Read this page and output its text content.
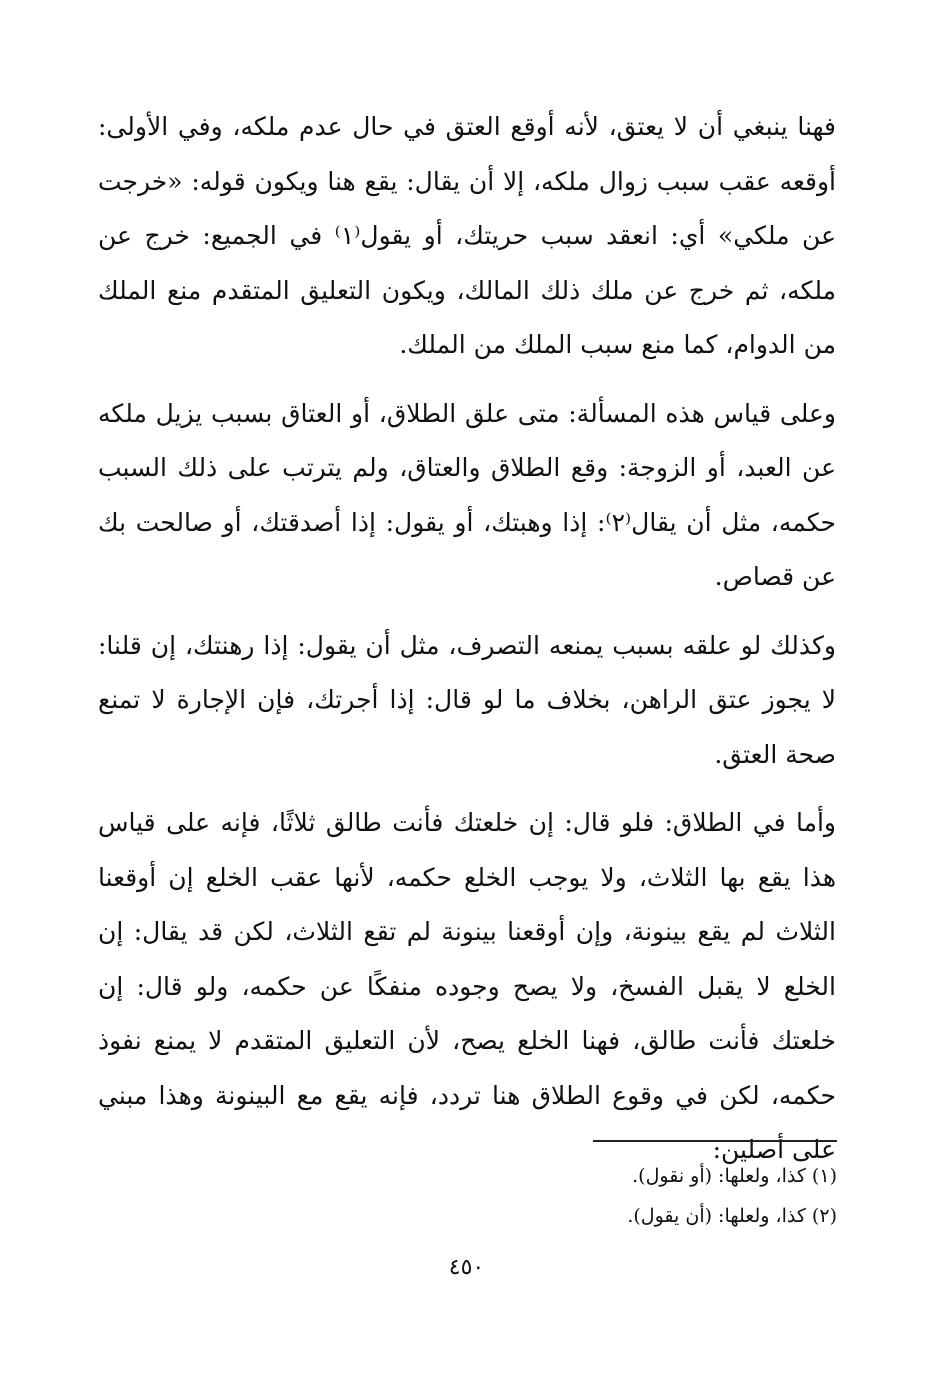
فهنا ينبغي أن لا يعتق، لأنه أوقع العتق في حال عدم ملكه، وفي الأولى: أوقعه عقب سبب زوال ملكه، إلا أن يقال: يقع هنا ويكون قوله: «خرجت عن ملكي» أي: انعقد سبب حريتك، أو يقول⁽١⁾ في الجميع: خرج عن ملكه، ثم خرج عن ملك ذلك المالك، ويكون التعليق المتقدم منع الملك من الدوام، كما منع سبب الملك من الملك.

وعلى قياس هذه المسألة: متى علق الطلاق، أو العتاق بسبب يزيل ملكه عن العبد، أو الزوجة: وقع الطلاق والعتاق، ولم يترتب على ذلك السبب حكمه، مثل أن يقال⁽٢⁾: إذا وهبتك، أو يقول: إذا أصدقتك، أو صالحت بك عن قصاص.

وكذلك لو علقه بسبب يمنعه التصرف، مثل أن يقول: إذا رهنتك، إن قلنا: لا يجوز عتق الراهن، بخلاف ما لو قال: إذا أجرتك، فإن الإجارة لا تمنع صحة العتق.

وأما في الطلاق: فلو قال: إن خلعتك فأنت طالق ثلاثًا، فإنه على قياس هذا يقع بها الثلاث، ولا يوجب الخلع حكمه، لأنها عقب الخلع إن أوقعنا الثلاث لم يقع بينونة، وإن أوقعنا بينونة لم تقع الثلاث، لكن قد يقال: إن الخلع لا يقبل الفسخ، ولا يصح وجوده منفكًا عن حكمه، ولو قال: إن خلعتك فأنت طالق، فهنا الخلع يصح، لأن التعليق المتقدم لا يمنع نفوذ حكمه، لكن في وقوع الطلاق هنا تردد، فإنه يقع مع البينونة وهذا مبني على أصلين:

(١) كذا، ولعلها: (أو نقول).

(٢) كذا، ولعلها: (أن يقول).

٤٥٠
